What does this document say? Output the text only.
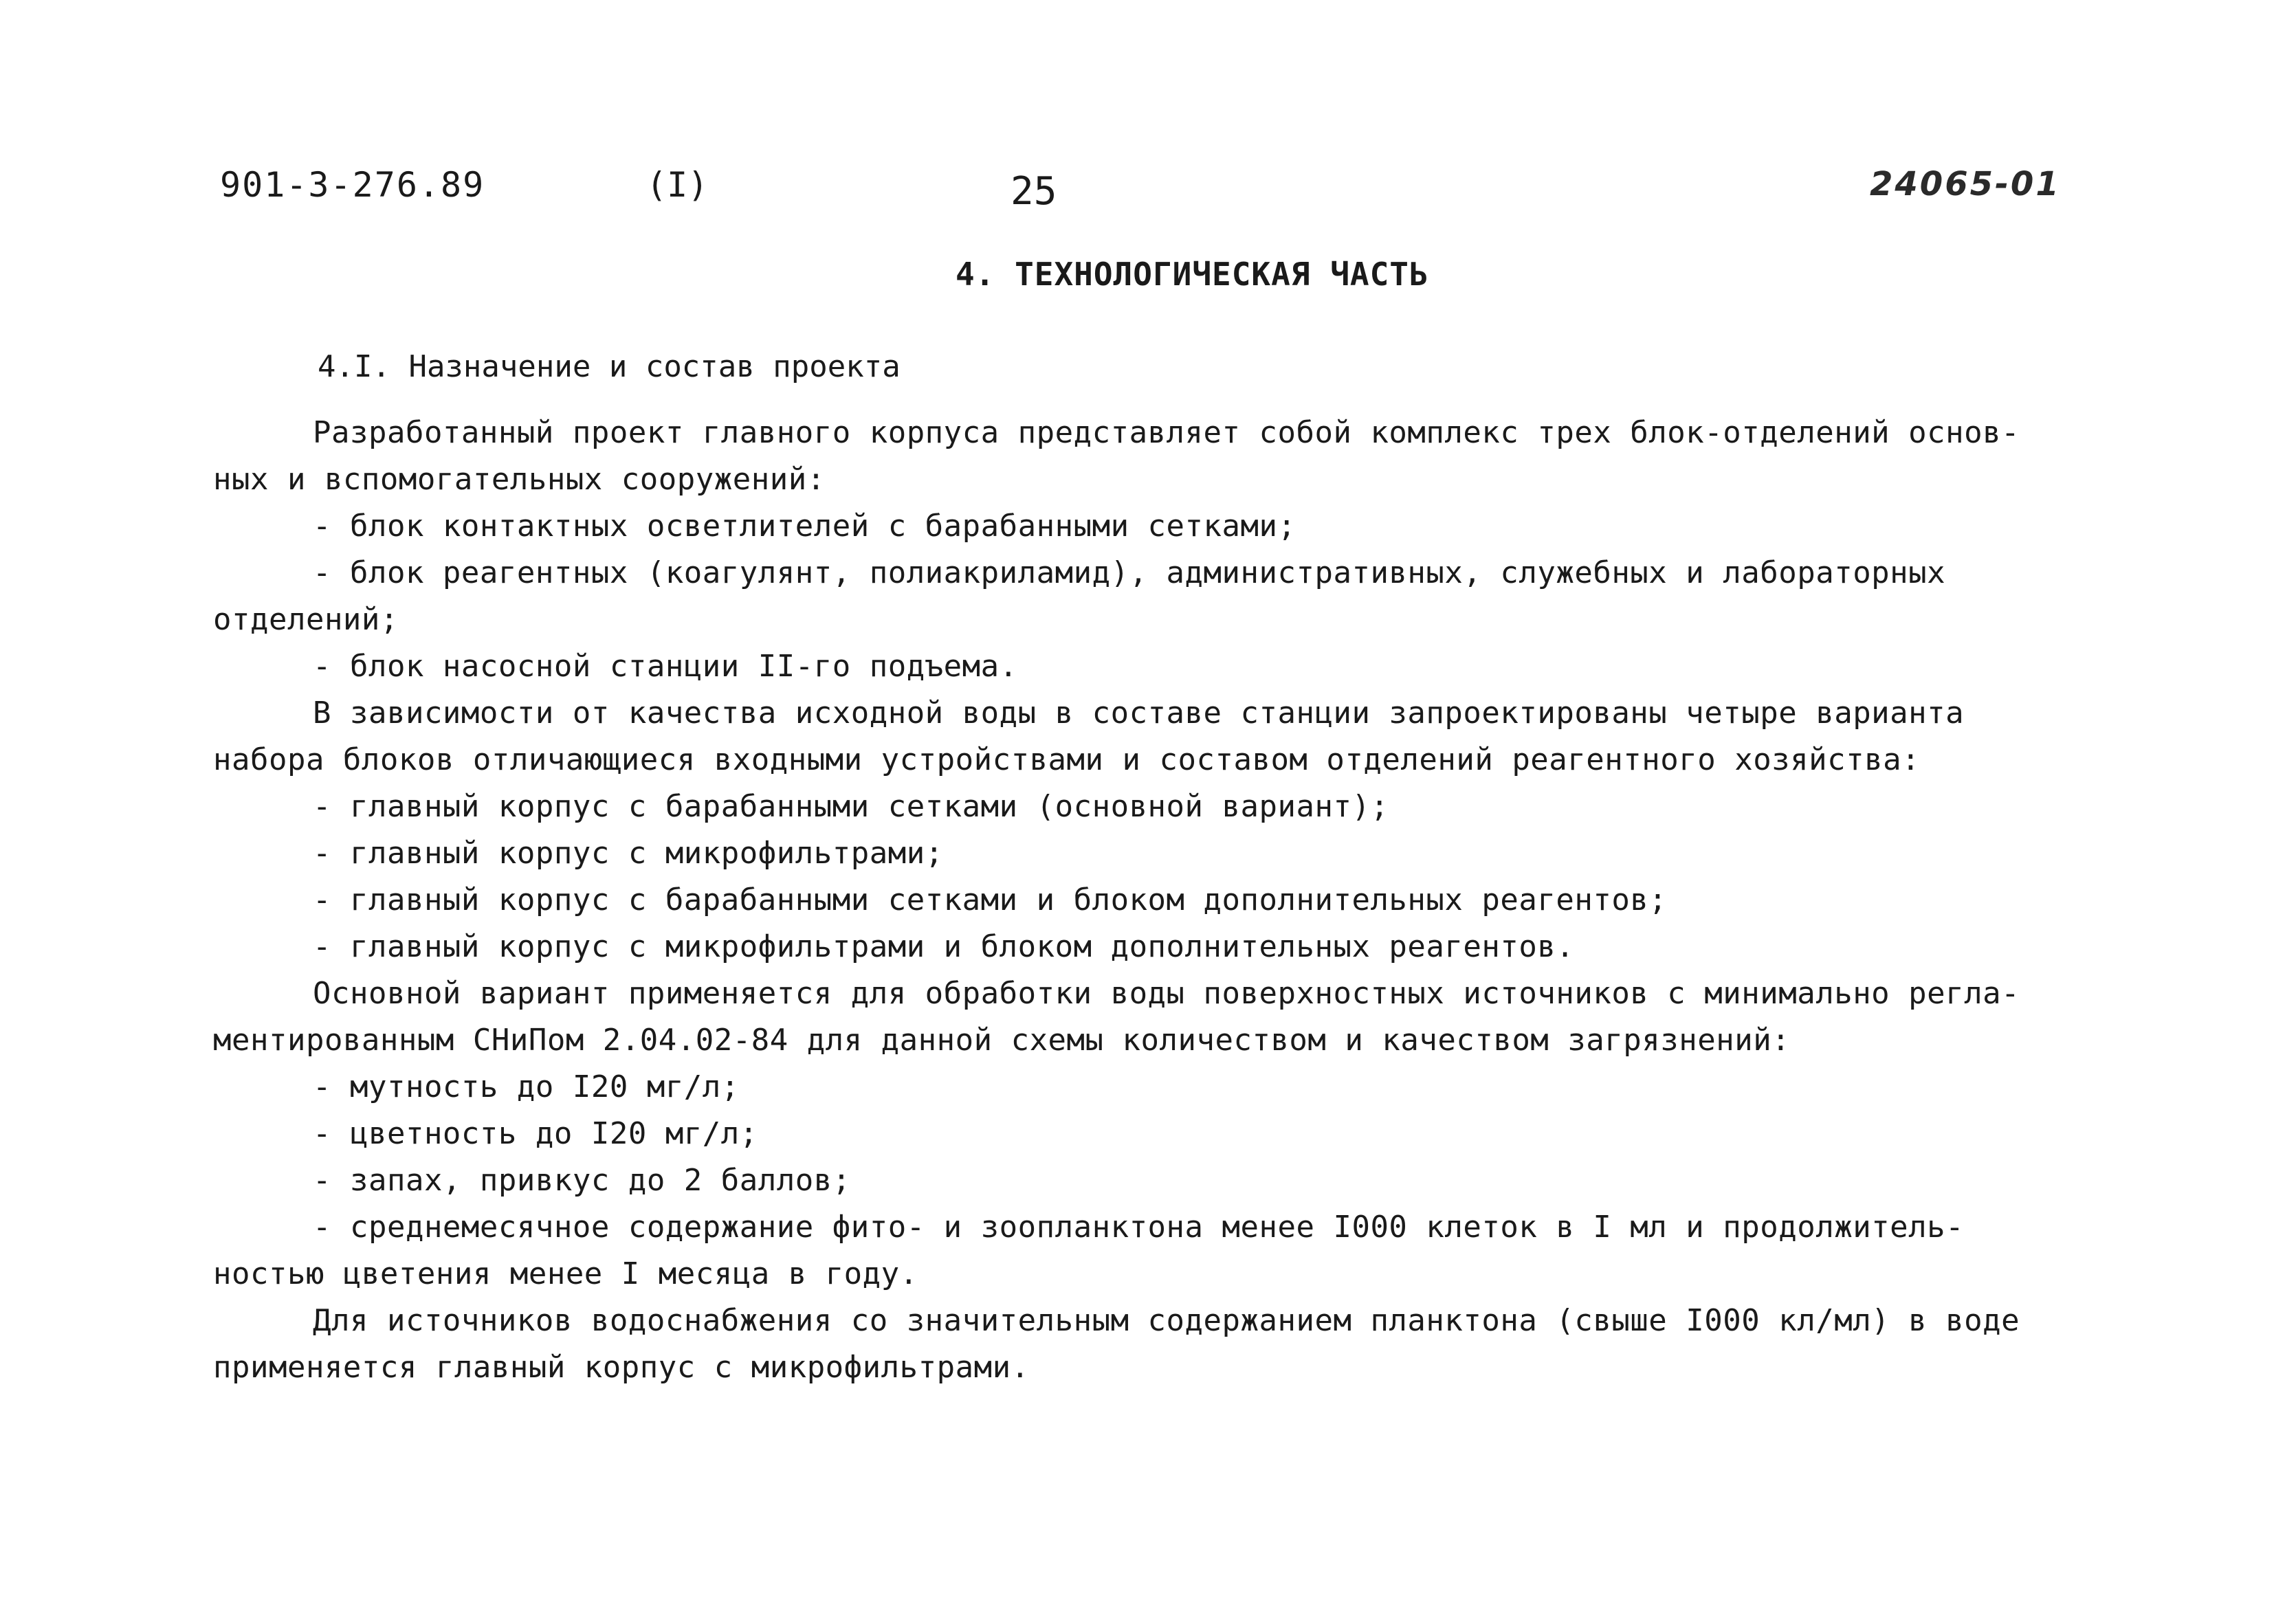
901-3-276.89	(I)	25	24065-01
4. ТЕХНОЛОГИЧЕСКАЯ ЧАСТЬ
4.I. Назначение и состав проекта
Разработанный проект главного корпуса представляет собой комплекс трех блок-отделений основ-
ных и вспомогательных сооружений:
- блок контактных осветлителей с барабанными сетками;
- блок реагентных (коагулянт, полиакриламид), административных, служебных и лабораторных
отделений;
- блок насосной станции II-го подъема.
В зависимости от качества исходной воды в составе станции запроектированы четыре варианта
набора блоков отличающиеся входными устройствами и составом отделений реагентного хозяйства:
- главный корпус с барабанными сетками (основной вариант);
- главный корпус с микрофильтрами;
- главный корпус с барабанными сетками и блоком дополнительных реагентов;
- главный корпус с микрофильтрами и блоком дополнительных реагентов.
Основной вариант применяется для обработки воды поверхностных источников с минимально регла-
ментированным СНиПом 2.04.02-84 для данной схемы количеством и качеством загрязнений:
- мутность до I20 мг/л;
- цветность до I20 мг/л;
- запах, привкус до 2 баллов;
- среднемесячное содержание фито- и зоопланктона менее I000 клеток в I мл и продолжитель-
ностью цветения менее I месяца в году.
Для источников водоснабжения со значительным содержанием планктона (свыше I000 кл/мл) в воде
применяется главный корпус с микрофильтрами.
